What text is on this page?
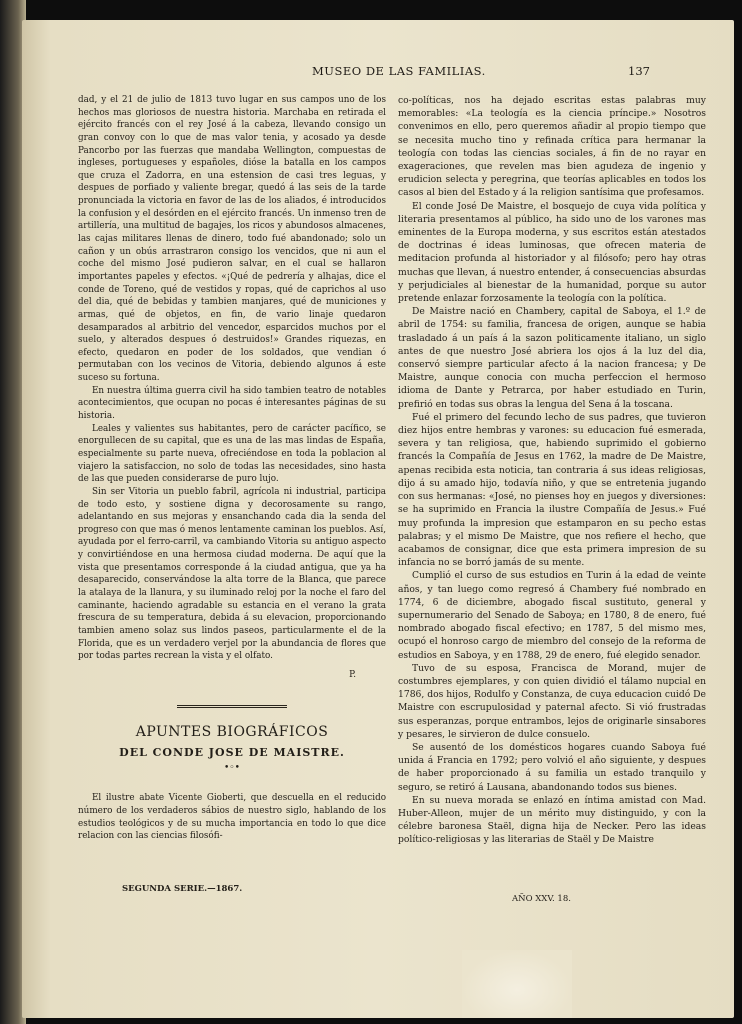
MUSEO DE LAS FAMILIAS.	137

dad, y el 21 de julio de 1813 tuvo lugar en sus campos uno de los hechos mas gloriosos de nuestra historia. Marchaba en retirada el ejército francés con el rey José á la cabeza, llevando consigo un gran convoy con lo que de mas valor tenia, y acosado ya desde Pancorbo por las fuerzas que mandaba Wellington, compuestas de ingleses, portugueses y españoles, dióse la batalla en los campos que cruza el Zadorra, en una estension de casi tres leguas, y despues de porfiado y valiente bregar, quedó á las seis de la tarde pronunciada la victoria en favor de las de los aliados, é introducidos la confusion y el desórden en el ejército francés. Un inmenso tren de artillería, una multitud de bagajes, los ricos y abundosos almacenes, las cajas militares llenas de dinero, todo fué abandonado; solo un cañon y un obús arrastraron consigo los vencidos, que ni aun el coche del mismo José pudieron salvar, en el cual se hallaron importantes papeles y efectos. «¡Qué de pedrería y alhajas, dice el conde de Toreno, qué de vestidos y ropas, qué de caprichos al uso del dia, qué de bebidas y tambien manjares, qué de municiones y armas, qué de objetos, en fin, de vario linaje quedaron desamparados al arbitrio del vencedor, esparcidos muchos por el suelo, y alterados despues ó destruidos!» Grandes riquezas, en efecto, quedaron en poder de los soldados, que vendian ó permutaban con los vecinos de Vitoria, debiendo algunos á este suceso su fortuna.

En nuestra última guerra civil ha sido tambien teatro de notables acontecimientos, que ocupan no pocas é interesantes páginas de su historia.

Leales y valientes sus habitantes, pero de carácter pacífico, se enorgullecen de su capital, que es una de las mas lindas de España, especialmente su parte nueva, ofreciéndose en toda la poblacion al viajero la satisfaccion, no solo de todas las necesidades, sino hasta de las que pueden considerarse de puro lujo.

Sin ser Vitoria un pueblo fabril, agrícola ni industrial, participa de todo esto, y sostiene digna y decorosamente su rango, adelantando en sus mejoras y ensanchando cada dia la senda del progreso con que mas ó menos lentamente caminan los pueblos. Así, ayudada por el ferro-carril, va cambiando Vitoria su antiguo aspecto y convirtiéndose en una hermosa ciudad moderna. De aquí que la vista que presentamos corresponde á la ciudad antigua, que ya ha desaparecido, conservándose la alta torre de la Blanca, que parece la atalaya de la llanura, y su iluminado reloj por la noche el faro del caminante, haciendo agradable su estancia en el verano la grata frescura de su temperatura, debida á su elevacion, proporcionando tambien ameno solaz sus lindos paseos, particularmente el de la Florida, que es un verdadero verjel por la abundancia de flores que por todas partes recrean la vista y el olfato.

P.

APUNTES BIOGRÁFICOS
DEL CONDE JOSE DE MAISTRE.
•◦•

El ilustre abate Vicente Gioberti, que descuella en el reducido número de los verdaderos sábios de nuestro siglo, hablando de los estudios teológicos y de su mucha importancia en todo lo que dice relacion con las ciencias filosófi-

co-políticas, nos ha dejado escritas estas palabras muy memorables: «La teología es la ciencia príncipe.» Nosotros convenimos en ello, pero queremos añadir al propio tiempo que se necesita mucho tino y refinada crítica para hermanar la teología con todas las ciencias sociales, á fin de no rayar en exageraciones, que revelen mas bien agudeza de ingenio y erudicion selecta y peregrina, que teorías aplicables en todos los casos al bien del Estado y á la religion santísima que profesamos.

El conde José De Maistre, el bosquejo de cuya vida política y literaria presentamos al público, ha sido uno de los varones mas eminentes de la Europa moderna, y sus escritos están atestados de doctrinas é ideas luminosas, que ofrecen materia de meditacion profunda al historiador y al filósofo; pero hay otras muchas que llevan, á nuestro entender, á consecuencias absurdas y perjudiciales al bienestar de la humanidad, porque su autor pretende enlazar forzosamente la teología con la política.

De Maistre nació en Chambery, capital de Saboya, el 1.º de abril de 1754: su familia, francesa de origen, aunque se habia trasladado á un país á la sazon politicamente italiano, un siglo antes de que nuestro José abriera los ojos á la luz del dia, conservó siempre particular afecto á la nacion francesa; y De Maistre, aunque conocia con mucha perfeccion el hermoso idioma de Dante y Petrarca, por haber estudiado en Turin, prefirió en todas sus obras la lengua del Sena á la toscana.

Fué el primero del fecundo lecho de sus padres, que tuvieron diez hijos entre hembras y varones: su educacion fué esmerada, severa y tan religiosa, que, habiendo suprimido el gobierno francés la Compañía de Jesus en 1762, la madre de De Maistre, apenas recibida esta noticia, tan contraria á sus ideas religiosas, dijo á su amado hijo, todavía niño, y que se entretenia jugando con sus hermanas: «José, no pienses hoy en juegos y diversiones: se ha suprimido en Francia la ilustre Compañía de Jesus.» Fué muy profunda la impresion que estamparon en su pecho estas palabras; y el mismo De Maistre, que nos refiere el hecho, que acabamos de consignar, dice que esta primera impresion de su infancia no se borró jamás de su mente.

Cumplió el curso de sus estudios en Turin á la edad de veinte años, y tan luego como regresó á Chambery fué nombrado en 1774, 6 de diciembre, abogado fiscal sustituto, general y supernumerario del Senado de Saboya; en 1780, 8 de enero, fué nombrado abogado fiscal efectivo; en 1787, 5 del mismo mes, ocupó el honroso cargo de miembro del consejo de la reforma de estudios en Saboya, y en 1788, 29 de enero, fué elegido senador.

Tuvo de su esposa, Francisca de Morand, mujer de costumbres ejemplares, y con quien dividió el tálamo nupcial en 1786, dos hijos, Rodulfo y Constanza, de cuya educacion cuidó De Maistre con escrupulosidad y paternal afecto. Si vió frustradas sus esperanzas, porque entrambos, lejos de originarle sinsabores y pesares, le sirvieron de dulce consuelo.

Se ausentó de los domésticos hogares cuando Saboya fué unida á Francia en 1792; pero volvió el año siguiente, y despues de haber proporcionado á su familia un estado tranquilo y seguro, se retiró á Lausana, abandonando todos sus bienes.

En su nueva morada se enlazó en íntima amistad con Mad. Huber-Alleon, mujer de un mérito muy distinguido, y con la célebre baronesa Staël, digna hija de Necker. Pero las ideas político-religiosas y las literarias de Staël y De Maistre

SEGUNDA SERIE.—1867.
AÑO XXV. 18.
